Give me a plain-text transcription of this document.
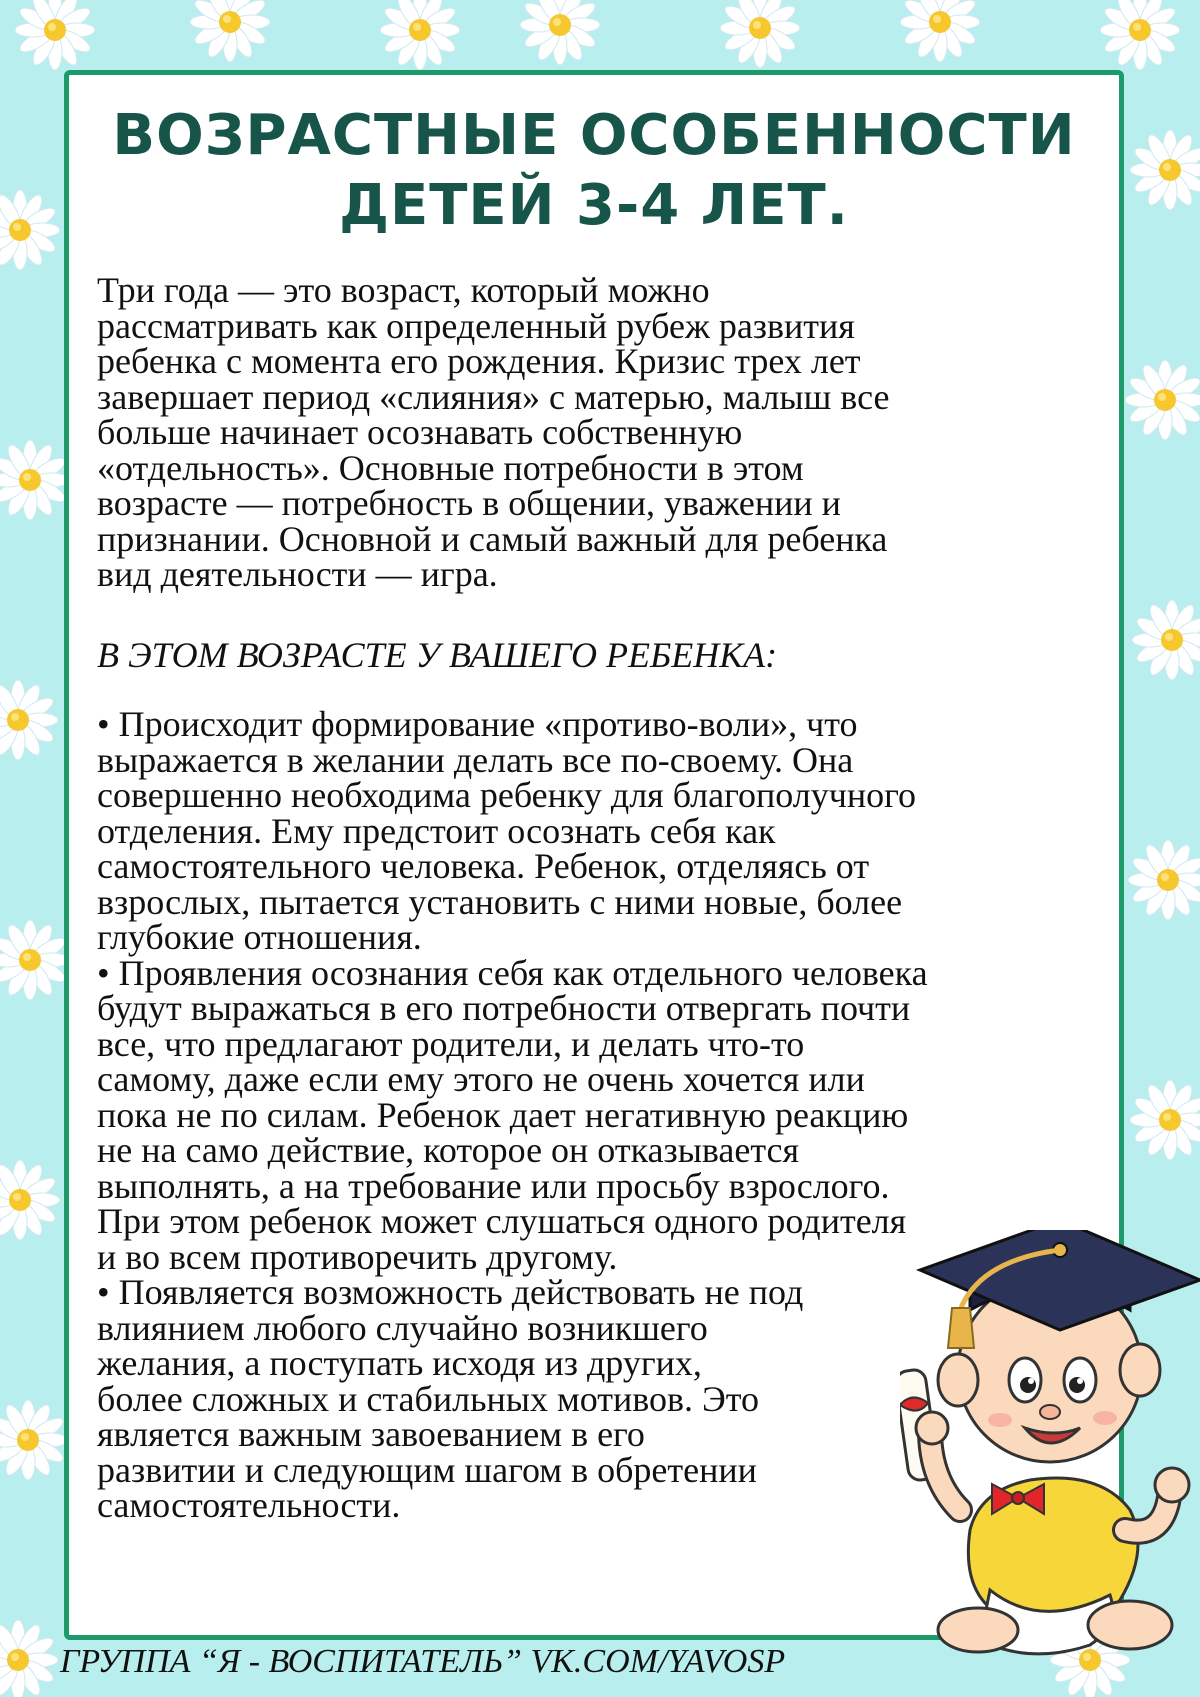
ВОЗРАСТНЫЕ ОСОБЕННОСТИ
ДЕТЕЙ 3-4 ЛЕТ.
Три года — это возраст, который можно
рассматривать как определенный рубеж развития
ребенка с момента его рождения. Кризис трех лет
завершает период «слияния» с матерью, малыш все
больше начинает осознавать собственную
«отдельность». Основные потребности в этом
возрасте — потребность в общении, уважении и
признании. Основной и самый важный для ребенка
вид деятельности — игра.

В ЭТОМ ВОЗРАСТЕ У ВАШЕГО РЕБЕНКА:

• Происходит формирование «противо-воли», что
выражается в желании делать все по-своему. Она
совершенно необходима ребенку для благополучного
отделения. Ему предстоит осознать себя как
самостоятельного человека. Ребенок, отделяясь от
взрослых, пытается установить с ними новые, более
глубокие отношения.
• Проявления осознания себя как отдельного человека
будут выражаться в его потребности отвергать почти
все, что предлагают родители, и делать что-то
самому, даже если ему этого не очень хочется или
пока не по силам. Ребенок дает негативную реакцию
не на само действие, которое он отказывается
выполнять, а на требование или просьбу взрослого.
При этом ребенок может слушаться одного родителя
и во всем противоречить другому.
• Появляется возможность действовать не под
влиянием любого случайно возникшего
желания, а поступать исходя из других,
более сложных и стабильных мотивов. Это
является важным завоеванием в его
развитии и следующим шагом в обретении
самостоятельности.

ГРУППА “Я - ВОСПИТАТЕЛЬ” VK.COM/YAVOSP
